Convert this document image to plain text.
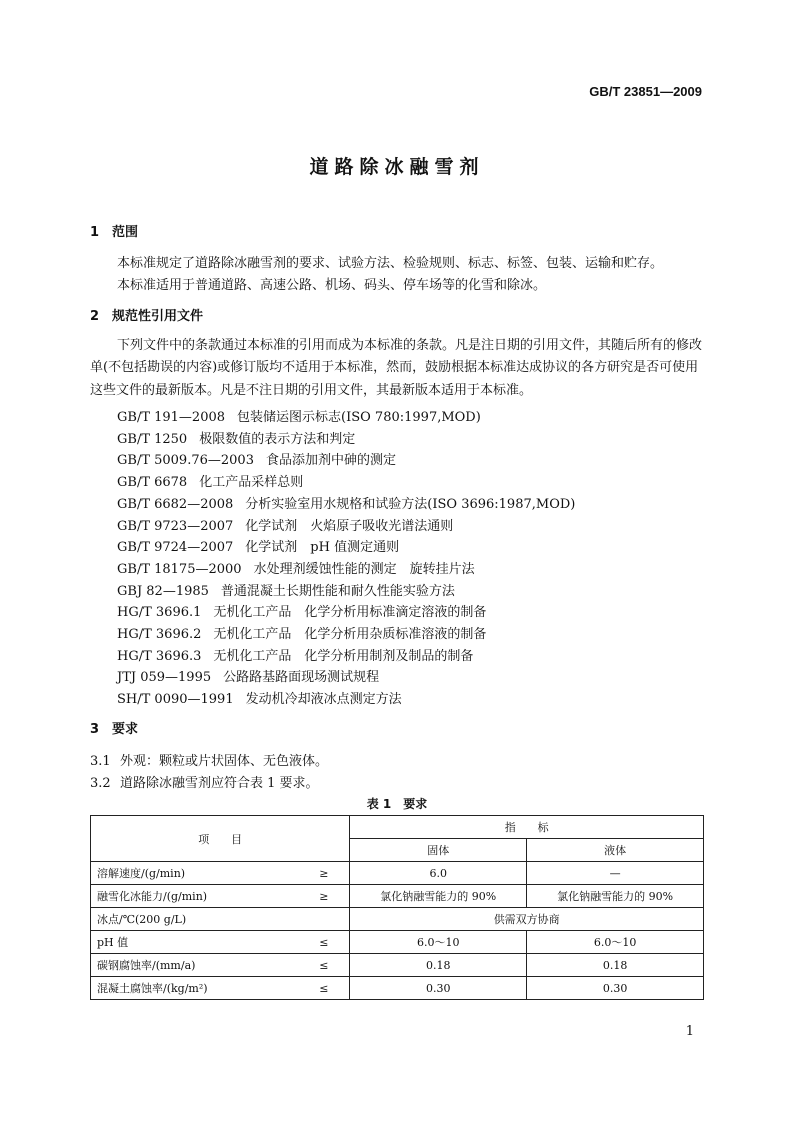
GB/T 23851—2009
道路除冰融雪剂
1 范围
本标准规定了道路除冰融雪剂的要求、试验方法、检验规则、标志、标签、包装、运输和贮存。
本标准适用于普通道路、高速公路、机场、码头、停车场等的化雪和除冰。
2 规范性引用文件
下列文件中的条款通过本标准的引用而成为本标准的条款。凡是注日期的引用文件，其随后所有的修改单(不包括勘误的内容)或修订版均不适用于本标准，然而，鼓励根据本标准达成协议的各方研究是否可使用这些文件的最新版本。凡是不注日期的引用文件，其最新版本适用于本标准。
GB/T 191—2008 包装储运图示标志(ISO 780:1997,MOD)
GB/T 1250 极限数值的表示方法和判定
GB/T 5009.76—2003 食品添加剂中砷的测定
GB/T 6678 化工产品采样总则
GB/T 6682—2008 分析实验室用水规格和试验方法(ISO 3696:1987,MOD)
GB/T 9723—2007 化学试剂　火焰原子吸收光谱法通则
GB/T 9724—2007 化学试剂　pH 值测定通则
GB/T 18175—2000 水处理剂缓蚀性能的测定　旋转挂片法
GBJ 82—1985 普通混凝土长期性能和耐久性能实验方法
HG/T 3696.1 无机化工产品　化学分析用标准滴定溶液的制备
HG/T 3696.2 无机化工产品　化学分析用杂质标准溶液的制备
HG/T 3696.3 无机化工产品　化学分析用制剂及制品的制备
JTJ 059—1995 公路路基路面现场测试规程
SH/T 0090—1991 发动机冷却液冰点测定方法
3 要求
3.1 外观：颗粒或片状固体、无色液体。
3.2 道路除冰融雪剂应符合表 1 要求。
表 1 要求
项　　目		指　　标	
		固体	液体
溶解速度/(g/min)	≥	6.0	—
融雪化冰能力/(g/min)	≥	氯化钠融雪能力的 90%	氯化钠融雪能力的 90%
冰点/℃(200 g/L)		供需双方协商	
pH 值	≤	6.0～10	6.0～10
碳钢腐蚀率/(mm/a)	≤	0.18	0.18
混凝土腐蚀率/(kg/m²)	≤	0.30	0.30
1
